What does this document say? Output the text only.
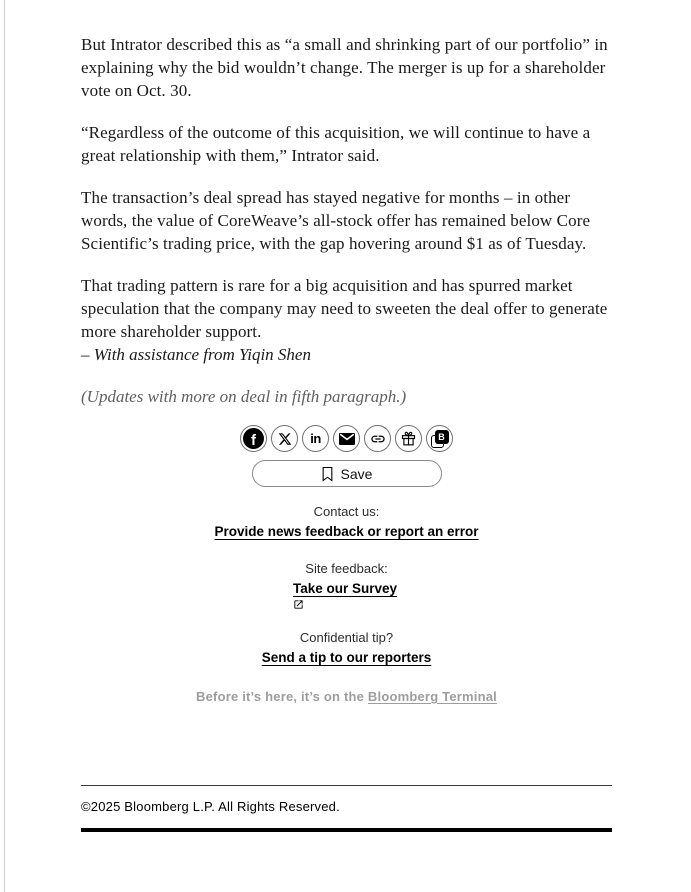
But Intrator described this as “a small and shrinking part of our portfolio” in explaining why the bid wouldn’t change. The merger is up for a shareholder vote on Oct. 30.

“Regardless of the outcome of this acquisition, we will continue to have a great relationship with them,” Intrator said.

The transaction’s deal spread has stayed negative for months – in other words, the value of CoreWeave’s all-stock offer has remained below Core Scientific’s trading price, with the gap hovering around $1 as of Tuesday.

That trading pattern is rare for a big acquisition and has spurred market speculation that the company may need to sweeten the deal offer to generate more shareholder support.

– With assistance from Yiqin Shen

(Updates with more on deal in fifth paragraph.)

f	in	B
Save
Contact us:
Provide news feedback or report an error
Site feedback:
Take our Survey
Confidential tip?
Send a tip to our reporters
Before it’s here, it’s on the Bloomberg Terminal
©2025 Bloomberg L.P. All Rights Reserved.
